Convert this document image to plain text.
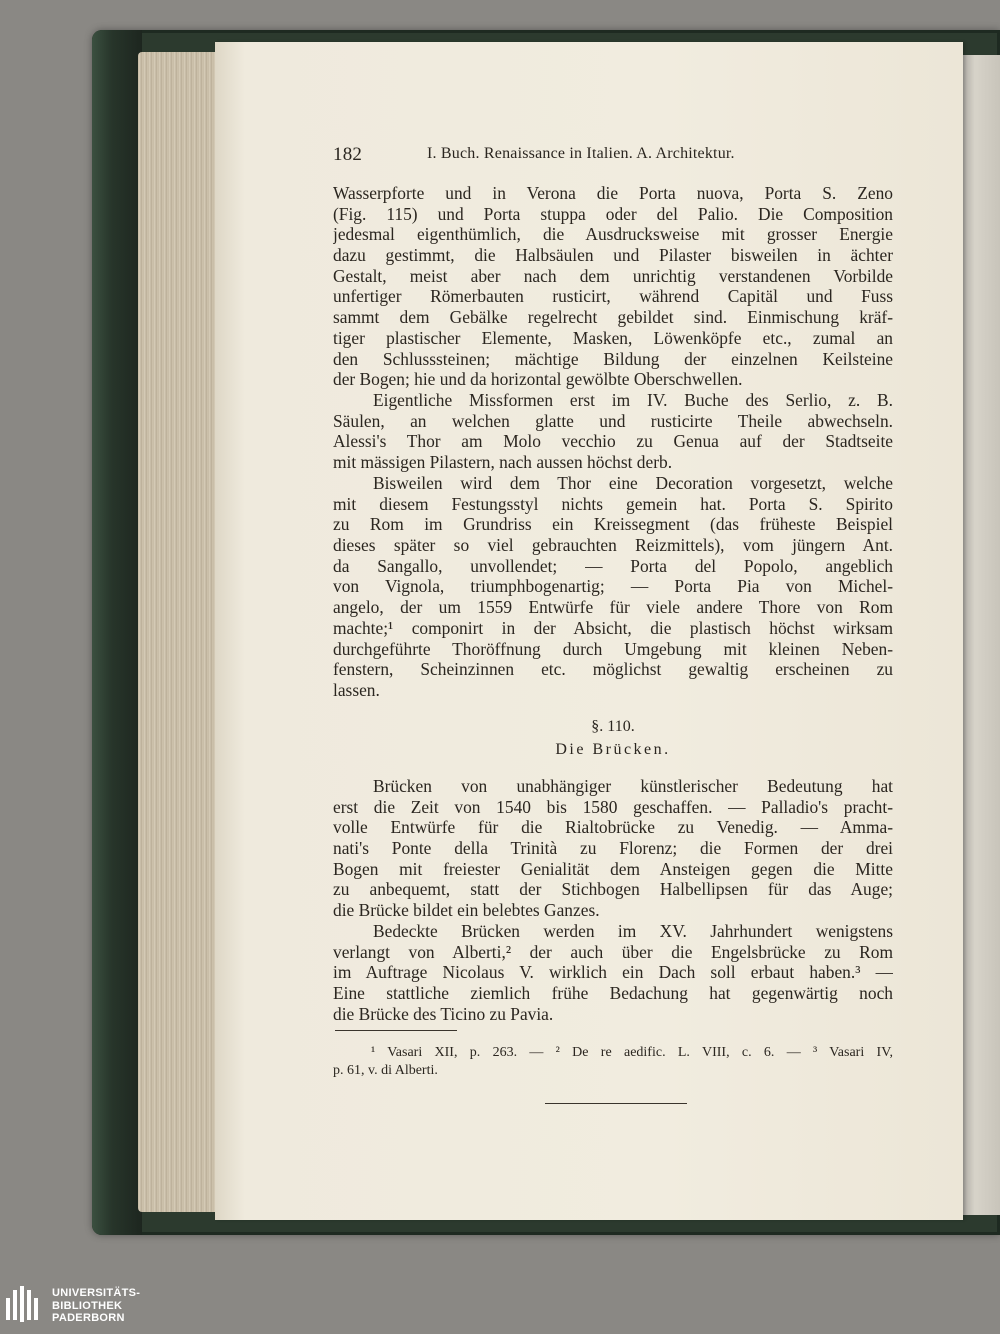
182	I. Buch. Renaissance in Italien. A. Architektur.
Wasserpforte und in Verona die Porta nuova, Porta S. Zeno
(Fig. 115) und Porta stuppa oder del Palio. Die Composition
jedesmal eigenthümlich, die Ausdrucksweise mit grosser Energie
dazu gestimmt, die Halbsäulen und Pilaster bisweilen in ächter
Gestalt, meist aber nach dem unrichtig verstandenen Vorbilde
unfertiger Römerbauten rusticirt, während Capitäl und Fuss
sammt dem Gebälke regelrecht gebildet sind. Einmischung kräf-
tiger plastischer Elemente, Masken, Löwenköpfe etc., zumal an
den Schlusssteinen; mächtige Bildung der einzelnen Keilsteine
der Bogen; hie und da horizontal gewölbte Oberschwellen.
Eigentliche Missformen erst im IV. Buche des Serlio, z. B.
Säulen, an welchen glatte und rusticirte Theile abwechseln.
Alessi's Thor am Molo vecchio zu Genua auf der Stadtseite
mit mässigen Pilastern, nach aussen höchst derb.
Bisweilen wird dem Thor eine Decoration vorgesetzt, welche
mit diesem Festungsstyl nichts gemein hat. Porta S. Spirito
zu Rom im Grundriss ein Kreissegment (das früheste Beispiel
dieses später so viel gebrauchten Reizmittels), vom jüngern Ant.
da Sangallo, unvollendet; — Porta del Popolo, angeblich
von Vignola, triumphbogenartig; — Porta Pia von Michel-
angelo, der um 1559 Entwürfe für viele andere Thore von Rom
machte;¹ componirt in der Absicht, die plastisch höchst wirksam
durchgeführte Thoröffnung durch Umgebung mit kleinen Neben-
fenstern, Scheinzinnen etc. möglichst gewaltig erscheinen zu
lassen.
§. 110.
Die Brücken.
Brücken von unabhängiger künstlerischer Bedeutung hat
erst die Zeit von 1540 bis 1580 geschaffen. — Palladio's pracht-
volle Entwürfe für die Rialtobrücke zu Venedig. — Amma-
nati's Ponte della Trinità zu Florenz; die Formen der drei
Bogen mit freiester Genialität dem Ansteigen gegen die Mitte
zu anbequemt, statt der Stichbogen Halbellipsen für das Auge;
die Brücke bildet ein belebtes Ganzes.
Bedeckte Brücken werden im XV. Jahrhundert wenigstens
verlangt von Alberti,² der auch über die Engelsbrücke zu Rom
im Auftrage Nicolaus V. wirklich ein Dach soll erbaut haben.³ —
Eine stattliche ziemlich frühe Bedachung hat gegenwärtig noch
die Brücke des Ticino zu Pavia.
¹ Vasari XII, p. 263. — ² De re aedific. L. VIII, c. 6. — ³ Vasari IV,
p. 61, v. di Alberti.
UNIVERSITÄTS-
BIBLIOTHEK
PADERBORN
